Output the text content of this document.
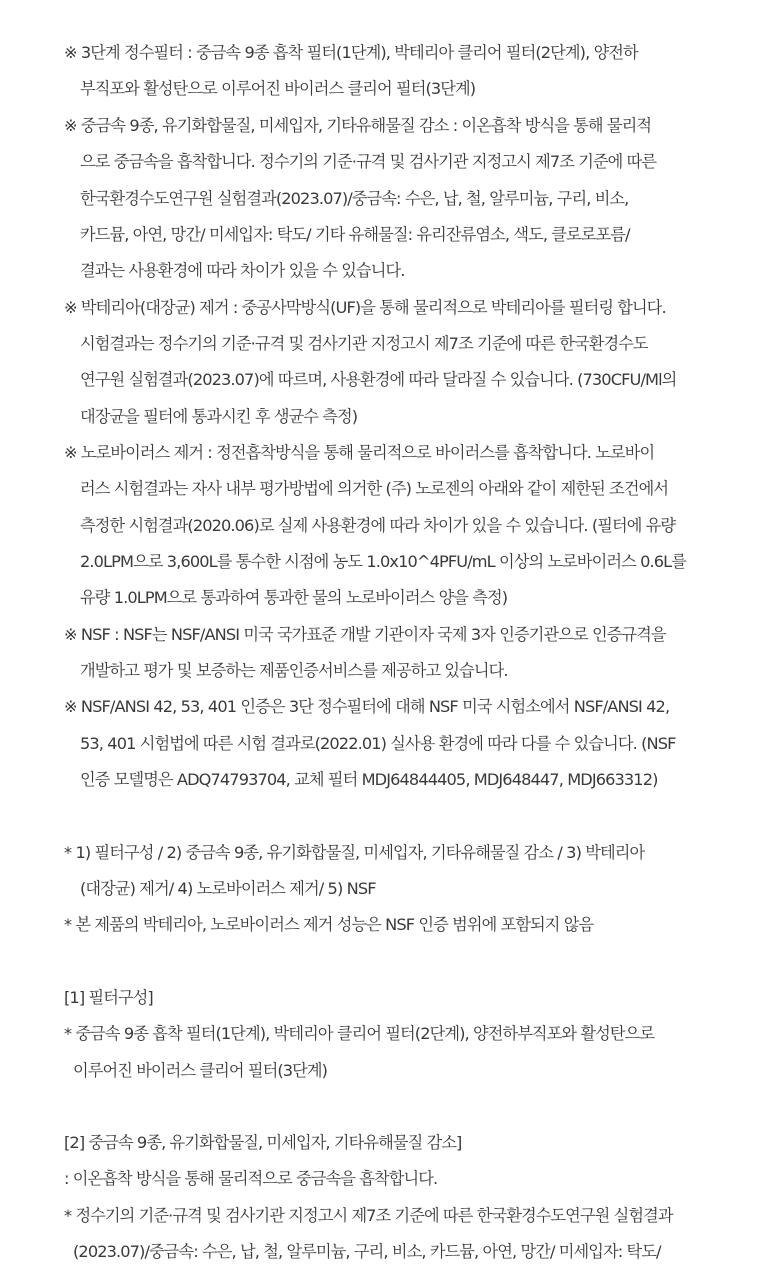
※ 3단계 정수필터 : 중금속 9종 흡착 필터(1단계), 박테리아 클리어 필터(2단계), 양전하
부직포와 활성탄으로 이루어진 바이러스 클리어 필터(3단계)
※ 중금속 9종, 유기화합물질, 미세입자, 기타유해물질 감소 : 이온흡착 방식을 통해 물리적
으로 중금속을 흡착합니다. 정수기의 기준·규격 및 검사기관 지정고시 제7조 기준에 따른
한국환경수도연구원 실험결과(2023.07)/중금속: 수은, 납, 철, 알루미늄, 구리, 비소,
카드뮴, 아연, 망간/ 미세입자: 탁도/ 기타 유해물질: 유리잔류염소, 색도, 클로로포름/
결과는 사용환경에 따라 차이가 있을 수 있습니다.
※ 박테리아(대장균) 제거 : 중공사막방식(UF)을 통해 물리적으로 박테리아를 필터링 합니다.
시험결과는 정수기의 기준·규격 및 검사기관 지정고시 제7조 기준에 따른 한국환경수도
연구원 실험결과(2023.07)에 따르며, 사용환경에 따라 달라질 수 있습니다. (730CFU/Ml의
대장균을 필터에 통과시킨 후 생균수 측정)
※ 노로바이러스 제거 : 정전흡착방식을 통해 물리적으로 바이러스를 흡착합니다. 노로바이
러스 시험결과는 자사 내부 평가방법에 의거한 (주) 노로젠의 아래와 같이 제한된 조건에서
측정한 시험결과(2020.06)로 실제 사용환경에 따라 차이가 있을 수 있습니다. (필터에 유량
2.0LPM으로 3,600L를 통수한 시점에 농도 1.0x10^4PFU/mL 이상의 노로바이러스 0.6L를
유량 1.0LPM으로 통과하여 통과한 물의 노로바이러스 양을 측정)
※ NSF : NSF는 NSF/ANSI 미국 국가표준 개발 기관이자 국제 3자 인증기관으로 인증규격을
개발하고 평가 및 보증하는 제품인증서비스를 제공하고 있습니다.
※ NSF/ANSI 42, 53, 401 인증은 3단 정수필터에 대해 NSF 미국 시험소에서 NSF/ANSI 42,
53, 401 시험법에 따른 시험 결과로(2022.01) 실사용 환경에 따라 다를 수 있습니다. (NSF
인증 모델명은 ADQ74793704, 교체 필터 MDJ64844405, MDJ648447, MDJ663312)
* 1) 필터구성 / 2) 중금속 9종, 유기화합물질, 미세입자, 기타유해물질 감소 / 3) 박테리아
(대장균) 제거/ 4) 노로바이러스 제거/ 5) NSF
* 본 제품의 박테리아, 노로바이러스 제거 성능은 NSF 인증 범위에 포함되지 않음
[1] 필터구성]
* 중금속 9종 흡착 필터(1단계), 박테리아 클리어 필터(2단계), 양전하부직포와 활성탄으로
이루어진 바이러스 클리어 필터(3단계)
[2] 중금속 9종, 유기화합물질, 미세입자, 기타유해물질 감소]
: 이온흡착 방식을 통해 물리적으로 중금속을 흡착합니다.
* 정수기의 기준·규격 및 검사기관 지정고시 제7조 기준에 따른 한국환경수도연구원 실험결과
(2023.07)/중금속: 수은, 납, 철, 알루미늄, 구리, 비소, 카드뮴, 아연, 망간/ 미세입자: 탁도/
